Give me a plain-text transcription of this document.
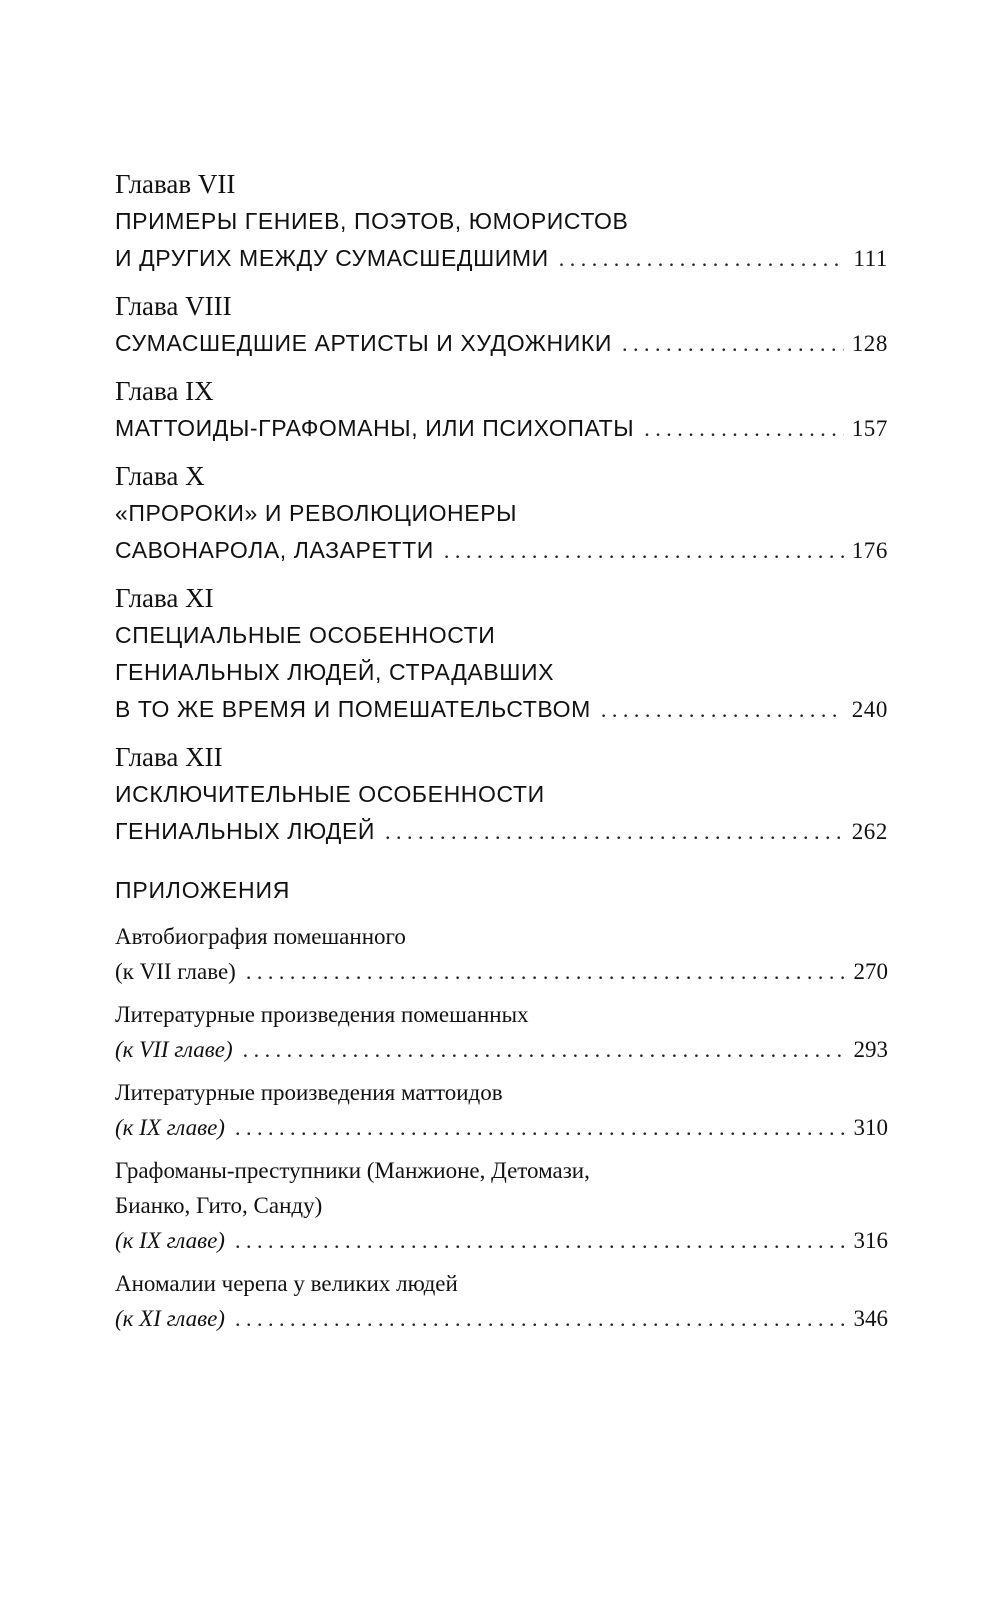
Главав VII
ПРИМЕРЫ ГЕНИЕВ, ПОЭТОВ, ЮМОРИСТОВ
И ДРУГИХ МЕЖДУ СУМАСШЕДШИМИ . . .	111
Глава VIII
СУМАСШЕДШИЕ АРТИСТЫ И ХУДОЖНИКИ . . .	128
Глава IX
МАТТОИДЫ-ГРАФОМАНЫ, ИЛИ ПСИХОПАТЫ . . .	157
Глава X
«ПРОРОКИ» И РЕВОЛЮЦИОНЕРЫ
САВОНАРОЛА, ЛАЗАРЕТТИ . . .	176
Глава XI
СПЕЦИАЛЬНЫЕ ОСОБЕННОСТИ
ГЕНИАЛЬНЫХ ЛЮДЕЙ, СТРАДАВШИХ
В ТО ЖЕ ВРЕМЯ И ПОМЕШАТЕЛЬСТВОМ . . .	240
Глава XII
ИСКЛЮЧИТЕЛЬНЫЕ ОСОБЕННОСТИ
ГЕНИАЛЬНЫХ ЛЮДЕЙ . . .	262
ПРИЛОЖЕНИЯ
Автобиография помешанного
(к VII главе) . . .	270
Литературные произведения помешанных
(к VII главе) . . .	293
Литературные произведения маттоидов
(к IX главе) . . .	310
Графоманы-преступники (Манжионе, Детомази,
Бианко, Гито, Санду)
(к IX главе) . . .	316
Аномалии черепа у великих людей
(к XI главе) . . .	346
